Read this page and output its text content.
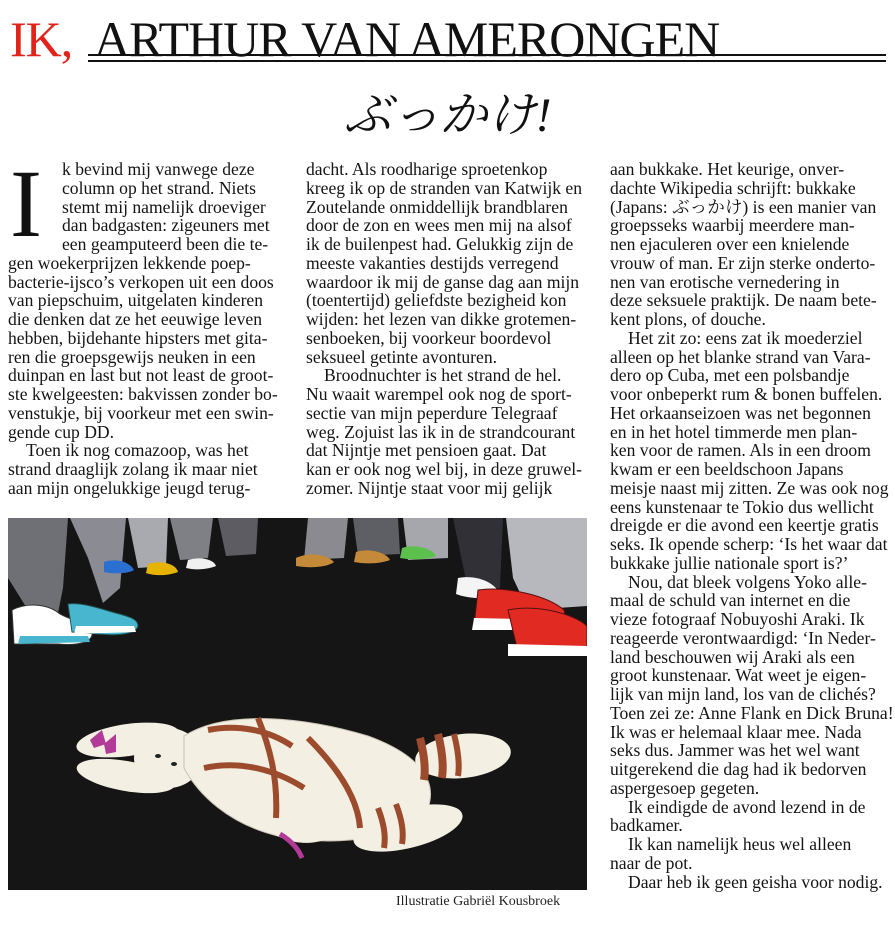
IK, ARTHUR VAN AMERONGEN
ぶっかけ!
I	k bevind mij vanwege deze
column op het strand. Niets
stemt mij namelijk droeviger
dan badgasten: zigeuners met
een geamputeerd been die te-
gen woekerprijzen lekkende poep-
bacterie-ijsco’s verkopen uit een doos
van piepschuim, uitgelaten kinderen
die denken dat ze het eeuwige leven
hebben, bijdehante hipsters met gita-
ren die groepsgewijs neuken in een
duinpan en last but not least de groot-
ste kwelgeesten: bakvissen zonder bo-
venstukje, bij voorkeur met een swin-
gende cup DD.
Toen ik nog comazoop, was het
strand draaglijk zolang ik maar niet
aan mijn ongelukkige jeugd terug-
dacht. Als roodharige sproetenkop
kreeg ik op de stranden van Katwijk en
Zoutelande onmiddellijk brandblaren
door de zon en wees men mij na alsof
ik de builenpest had. Gelukkig zijn de
meeste vakanties destijds verregend
waardoor ik mij de ganse dag aan mijn
(toentertijd) geliefdste bezigheid kon
wijden: het lezen van dikke grotemen-
senboeken, bij voorkeur boordevol
seksueel getinte avonturen.
Broodnuchter is het strand de hel.
Nu waait warempel ook nog de sport-
sectie van mijn peperdure Telegraaf
weg. Zojuist las ik in de strandcourant
dat Nijntje met pensioen gaat. Dat
kan er ook nog wel bij, in deze gruwel-
zomer. Nijntje staat voor mij gelijk
aan bukkake. Het keurige, onver-
dachte Wikipedia schrijft: bukkake
(Japans: ぶっかけ) is een manier van
groepsseks waarbij meerdere man-
nen ejaculeren over een knielende
vrouw of man. Er zijn sterke onderto-
nen van erotische vernedering in
deze seksuele praktijk. De naam bete-
kent plons, of douche.
Het zit zo: eens zat ik moederziel
alleen op het blanke strand van Vara-
dero op Cuba, met een polsbandje
voor onbeperkt rum & bonen buffelen.
Het orkaanseizoen was net begonnen
en in het hotel timmerde men plan-
ken voor de ramen. Als in een droom
kwam er een beeldschoon Japans
meisje naast mij zitten. Ze was ook nog
eens kunstenaar te Tokio dus wellicht
dreigde er die avond een keertje gratis
seks. Ik opende scherp: ‘Is het waar dat
bukkake jullie nationale sport is?’
Nou, dat bleek volgens Yoko alle-
maal de schuld van internet en die
vieze fotograaf Nobuyoshi Araki. Ik
reageerde verontwaardigd: ‘In Neder-
land beschouwen wij Araki als een
groot kunstenaar. Wat weet je eigen-
lijk van mijn land, los van de clichés?
Toen zei ze: Anne Flank en Dick Bruna!
Ik was er helemaal klaar mee. Nada
seks dus. Jammer was het wel want
uitgerekend die dag had ik bedorven
aspergesoep gegeten.
Ik eindigde de avond lezend in de
badkamer.
Ik kan namelijk heus wel alleen
naar de pot.
Daar heb ik geen geisha voor nodig.
Illustratie Gabriël Kousbroek
